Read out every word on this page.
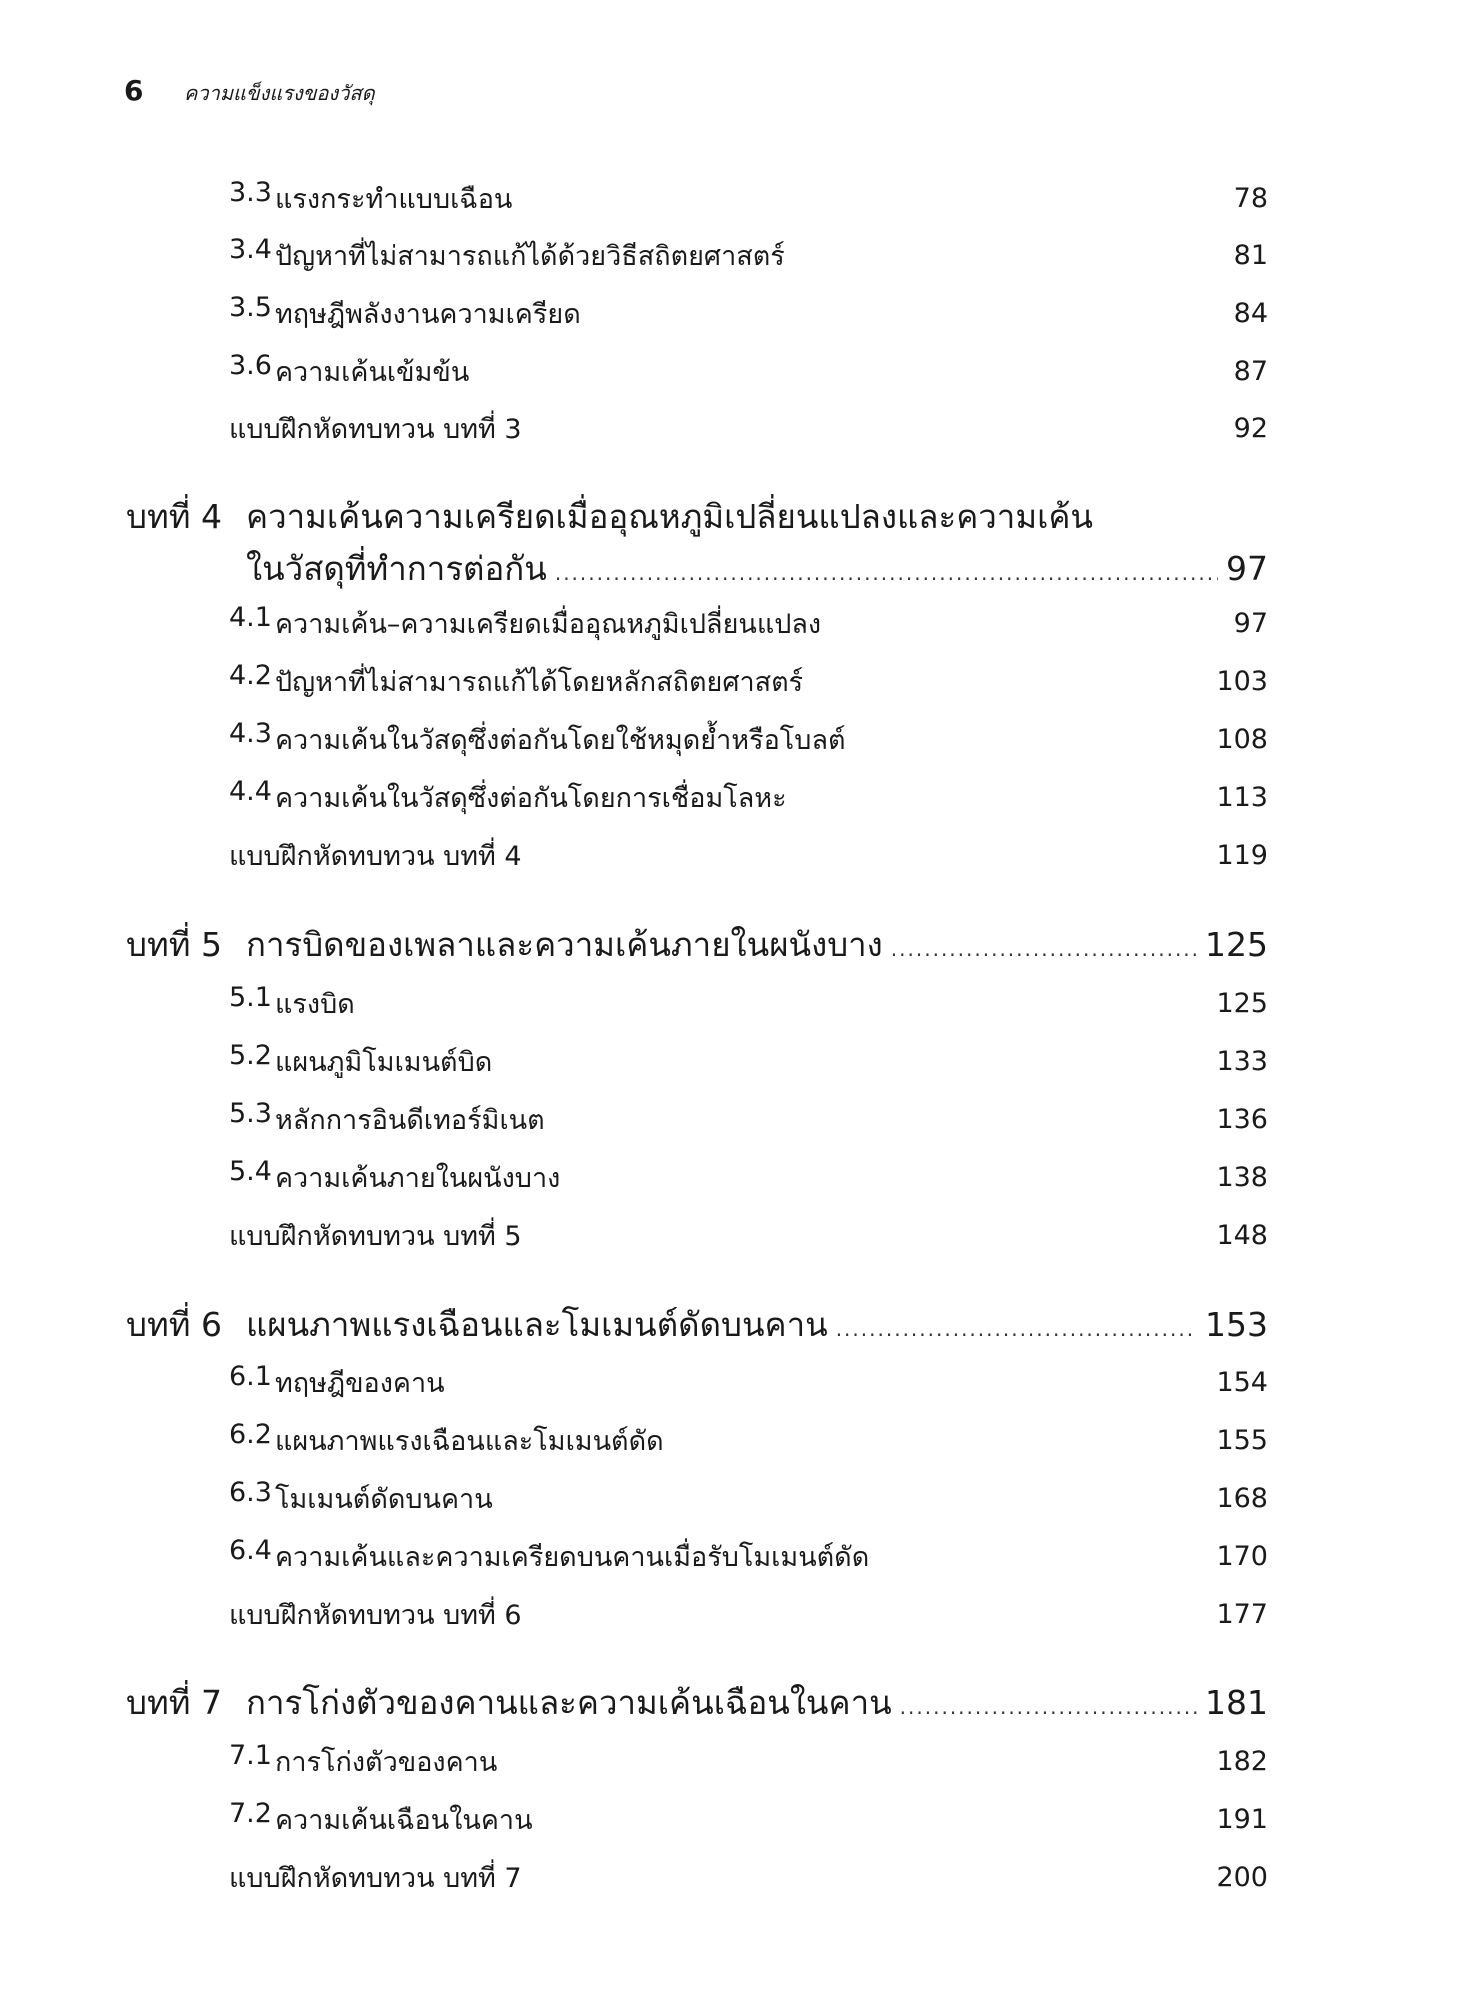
6	ความแข็งแรงของวัสดุ
3.3 แรงกระทำแบบเฉือน	78
3.4 ปัญหาที่ไม่สามารถแก้ได้ด้วยวิธีสถิตยศาสตร์	81
3.5 ทฤษฎีพลังงานความเครียด	84
3.6 ความเค้นเข้มข้น	87
แบบฝึกหัดทบทวน บทที่ 3	92
บทที่ 4 ความเค้นความเครียดเมื่ออุณหภูมิเปลี่ยนแปลงและความเค้น
ในวัสดุที่ทำการต่อกัน .....	97
4.1 ความเค้น–ความเครียดเมื่ออุณหภูมิเปลี่ยนแปลง	97
4.2 ปัญหาที่ไม่สามารถแก้ได้โดยหลักสถิตยศาสตร์	103
4.3 ความเค้นในวัสดุซึ่งต่อกันโดยใช้หมุดย้ำหรือโบลต์	108
4.4 ความเค้นในวัสดุซึ่งต่อกันโดยการเชื่อมโลหะ	113
แบบฝึกหัดทบทวน บทที่ 4	119
บทที่ 5 การบิดของเพลาและความเค้นภายในผนังบาง .....	125
5.1 แรงบิด	125
5.2 แผนภูมิโมเมนต์บิด	133
5.3 หลักการอินดีเทอร์มิเนต	136
5.4 ความเค้นภายในผนังบาง	138
แบบฝึกหัดทบทวน บทที่ 5	148
บทที่ 6 แผนภาพแรงเฉือนและโมเมนต์ดัดบนคาน .....	153
6.1 ทฤษฎีของคาน	154
6.2 แผนภาพแรงเฉือนและโมเมนต์ดัด	155
6.3 โมเมนต์ดัดบนคาน	168
6.4 ความเค้นและความเครียดบนคานเมื่อรับโมเมนต์ดัด	170
แบบฝึกหัดทบทวน บทที่ 6	177
บทที่ 7 การโก่งตัวของคานและความเค้นเฉือนในคาน .....	181
7.1 การโก่งตัวของคาน	182
7.2 ความเค้นเฉือนในคาน	191
แบบฝึกหัดทบทวน บทที่ 7	200
